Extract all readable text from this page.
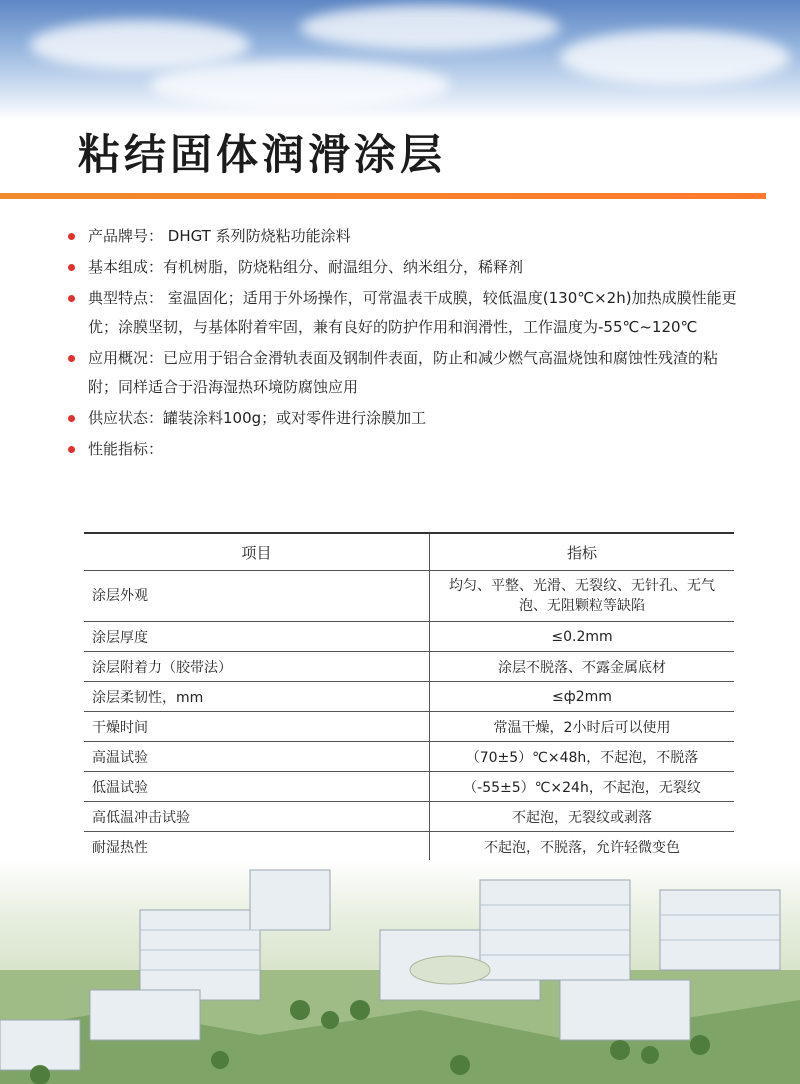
粘结固体润滑涂层
产品牌号： DHGT 系列防烧粘功能涂料
基本组成：有机树脂，防烧粘组分、耐温组分、纳米组分，稀释剂
典型特点： 室温固化；适用于外场操作，可常温表干成膜，较低温度(130℃×2h)加热成膜性能更优；涂膜坚韧，与基体附着牢固，兼有良好的防护作用和润滑性，工作温度为-55℃~120℃
应用概况：已应用于铝合金滑轨表面及钢制件表面，防止和减少燃气高温烧蚀和腐蚀性残渣的粘附；同样适合于沿海湿热环境防腐蚀应用
供应状态：罐装涂料100g；或对零件进行涂膜加工
性能指标：
项目	指标
涂层外观	均匀、平整、光滑、无裂纹、无针孔、无气泡、无阻颗粒等缺陷
涂层厚度	≤0.2mm
涂层附着力（胶带法）	涂层不脱落、不露金属底材
涂层柔韧性，mm	≤ф2mm
干燥时间	常温干燥，2小时后可以使用
高温试验	（70±5）℃×48h，不起泡，不脱落
低温试验	（-55±5）℃×24h，不起泡，无裂纹
高低温冲击试验	不起泡，无裂纹或剥落
耐湿热性	不起泡，不脱落，允许轻微变色
